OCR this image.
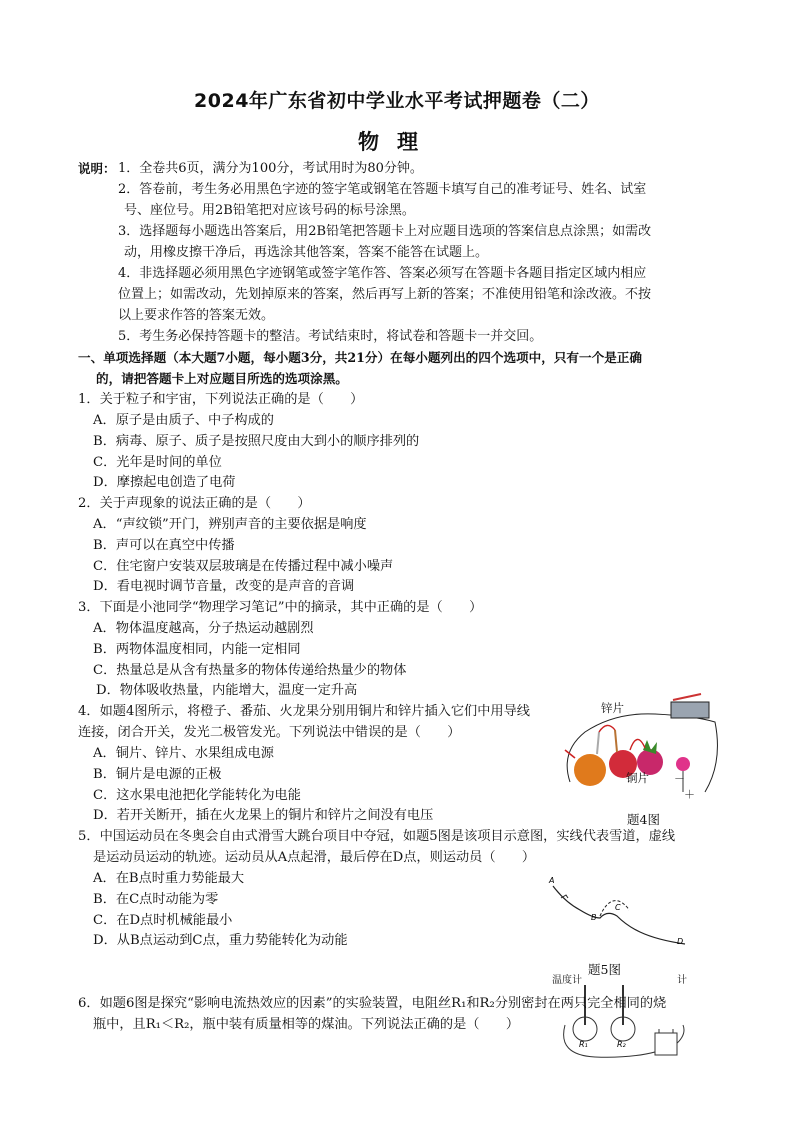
2024年广东省初中学业水平考试押题卷（二）
物理
说明： 1．全卷共6页，满分为100分，考试用时为80分钟。
2．答卷前，考生务必用黑色字迹的签字笔或钢笔在答题卡填写自己的准考证号、姓名、试室
号、座位号。用2B铅笔把对应该号码的标号涂黑。
3．选择题每小题选出答案后，用2B铅笔把答题卡上对应题目选项的答案信息点涂黑；如需改
动，用橡皮擦干净后，再选涂其他答案，答案不能答在试题上。
4．非选择题必须用黑色字迹钢笔或签字笔作答、答案必须写在答题卡各题目指定区域内相应
位置上；如需改动，先划掉原来的答案，然后再写上新的答案；不准使用铅笔和涂改液。不按
以上要求作答的答案无效。
5．考生务必保持答题卡的整洁。考试结束时，将试卷和答题卡一并交回。
一、单项选择题（本大题7小题，每小题3分，共21分）在每小题列出的四个选项中，只有一个是正确
的，请把答题卡上对应题目所选的选项涂黑。
1．关于粒子和宇宙，下列说法正确的是（　　）
A．原子是由质子、中子构成的
B．病毒、原子、质子是按照尺度由大到小的顺序排列的
C．光年是时间的单位
D．摩擦起电创造了电荷
2．关于声现象的说法正确的是（　　）
A．“声纹锁”开门，辨别声音的主要依据是响度
B．声可以在真空中传播
C．住宅窗户安装双层玻璃是在传播过程中减小噪声
D．看电视时调节音量，改变的是声音的音调
3．下面是小池同学“物理学习笔记”中的摘录，其中正确的是（　　）
A．物体温度越高，分子热运动越剧烈
B．两物体温度相同，内能一定相同
C．热量总是从含有热量多的物体传递给热量少的物体
D．物体吸收热量，内能增大，温度一定升高
4．如题4图所示，将橙子、番茄、火龙果分别用铜片和锌片插入它们中用导线
连接，闭合开关，发光二极管发光。下列说法中错误的是（　　）
A．铜片、锌片、水果组成电源
B．铜片是电源的正极
C．这水果电池把化学能转化为电能
D．若开关断开，插在火龙果上的铜片和锌片之间没有电压
锌片
铜片 －
＋
题4图
5．中国运动员在冬奥会自由式滑雪大跳台项目中夺冠，如题5图是该项目示意图，实线代表雪道，虚线
是运动员运动的轨迹。运动员从A点起滑，最后停在D点，则运动员（　　）
A．在B点时重力势能最大
B．在C点时动能为零
C．在D点时机械能最小
D．从B点运动到C点，重力势能转化为动能
A
B
C
D
题5图
温度计	计
R₁	R₂
6．如题6图是探究“影响电流热效应的因素”的实验装置，电阻丝R₁和R₂分别密封在两只完全相同的烧
瓶中，且R₁＜R₂，瓶中装有质量相等的煤油。下列说法正确的是（　　）
